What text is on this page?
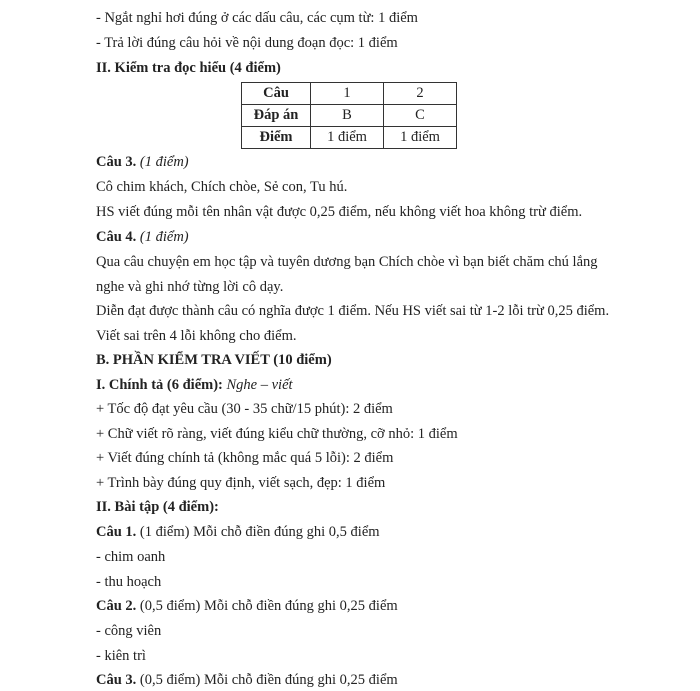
- Ngắt nghỉ hơi đúng ở các dấu câu, các cụm từ: 1 điểm
- Trả lời đúng câu hỏi về nội dung đoạn đọc: 1 điểm
II. Kiểm tra đọc hiểu (4 điểm)
Câu	1	2
Đáp án	B	C
Điểm	1 điểm	1 điểm
Câu 3. (1 điểm)
Cô chim khách, Chích chòe, Sẻ con, Tu hú.
HS viết đúng mỗi tên nhân vật được 0,25 điểm, nếu không viết hoa không trừ điểm.
Câu 4. (1 điểm)
Qua câu chuyện em học tập và tuyên dương bạn Chích chòe vì bạn biết chăm chú lắng
nghe và ghi nhớ từng lời cô dạy.
Diễn đạt được thành câu có nghĩa được 1 điểm. Nếu HS viết sai từ 1-2 lỗi trừ 0,25 điểm.
Viết sai trên 4 lỗi không cho điểm.
B. PHẦN KIỂM TRA VIẾT (10 điểm)
I. Chính tả (6 điểm): Nghe – viết
+ Tốc độ đạt yêu cầu (30 - 35 chữ/15 phút): 2 điểm
+ Chữ viết rõ ràng, viết đúng kiểu chữ thường, cỡ nhỏ: 1 điểm
+ Viết đúng chính tả (không mắc quá 5 lỗi): 2 điểm
+ Trình bày đúng quy định, viết sạch, đẹp: 1 điểm
II. Bài tập (4 điểm):
Câu 1. (1 điểm) Mỗi chỗ điền đúng ghi 0,5 điểm
- chim oanh
- thu hoạch
Câu 2. (0,5 điểm) Mỗi chỗ điền đúng ghi 0,25 điểm
- công viên
- kiên trì
Câu 3. (0,5 điểm) Mỗi chỗ điền đúng ghi 0,25 điểm
